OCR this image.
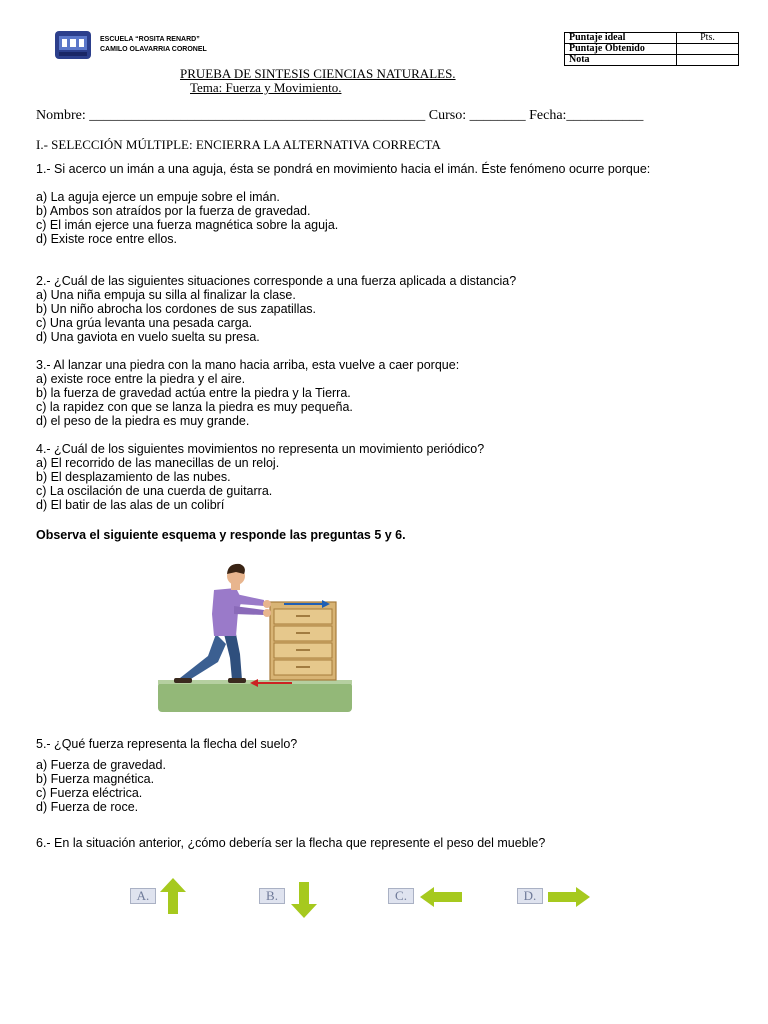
ESCUELA “ROSITA RENARD”
CAMILO OLAVARRIA CORONEL
Puntaje ideal	Pts.
Puntaje Obtenido	
Nota	
PRUEBA DE SINTESIS CIENCIAS NATURALES.
Tema: Fuerza y Movimiento.
Nombre: ________________________________________________ Curso: ________ Fecha:___________
I.- SELECCIÓN MÚLTIPLE: ENCIERRA LA ALTERNATIVA CORRECTA
1.- Si acerco un imán a una aguja, ésta se pondrá en movimiento hacia el imán. Éste fenómeno ocurre porque:
a) La aguja ejerce un empuje sobre el imán.
b) Ambos son atraídos por la fuerza de gravedad.
c) El imán ejerce una fuerza magnética sobre la aguja.
d) Existe roce entre ellos.
2.- ¿Cuál de las siguientes situaciones corresponde a una fuerza aplicada a distancia?
a) Una niña empuja su silla al finalizar la clase.
b) Un niño abrocha los cordones de sus zapatillas.
c) Una grúa levanta una pesada carga.
d) Una gaviota en vuelo suelta su presa.
3.- Al lanzar una piedra con la mano hacia arriba, esta vuelve a caer porque:
a) existe roce entre la piedra y el aire.
b) la fuerza de gravedad actúa entre la piedra y la Tierra.
c) la rapidez con que se lanza la piedra es muy pequeña.
d) el peso de la piedra es muy grande.
4.- ¿Cuál de los siguientes movimientos no representa un movimiento periódico?
a) El recorrido de las manecillas de un reloj.
b) El desplazamiento de las nubes.
c) La oscilación de una cuerda de guitarra.
d) El batir de las alas de un colibrí
Observa el siguiente esquema y responde las preguntas 5 y 6.
5.- ¿Qué fuerza representa la flecha del suelo?
a) Fuerza de gravedad.
b) Fuerza magnética.
c) Fuerza eléctrica.
d) Fuerza de roce.
6.- En la situación anterior, ¿cómo debería ser la flecha que represente el peso del mueble?
A.	B.	C.	D.
